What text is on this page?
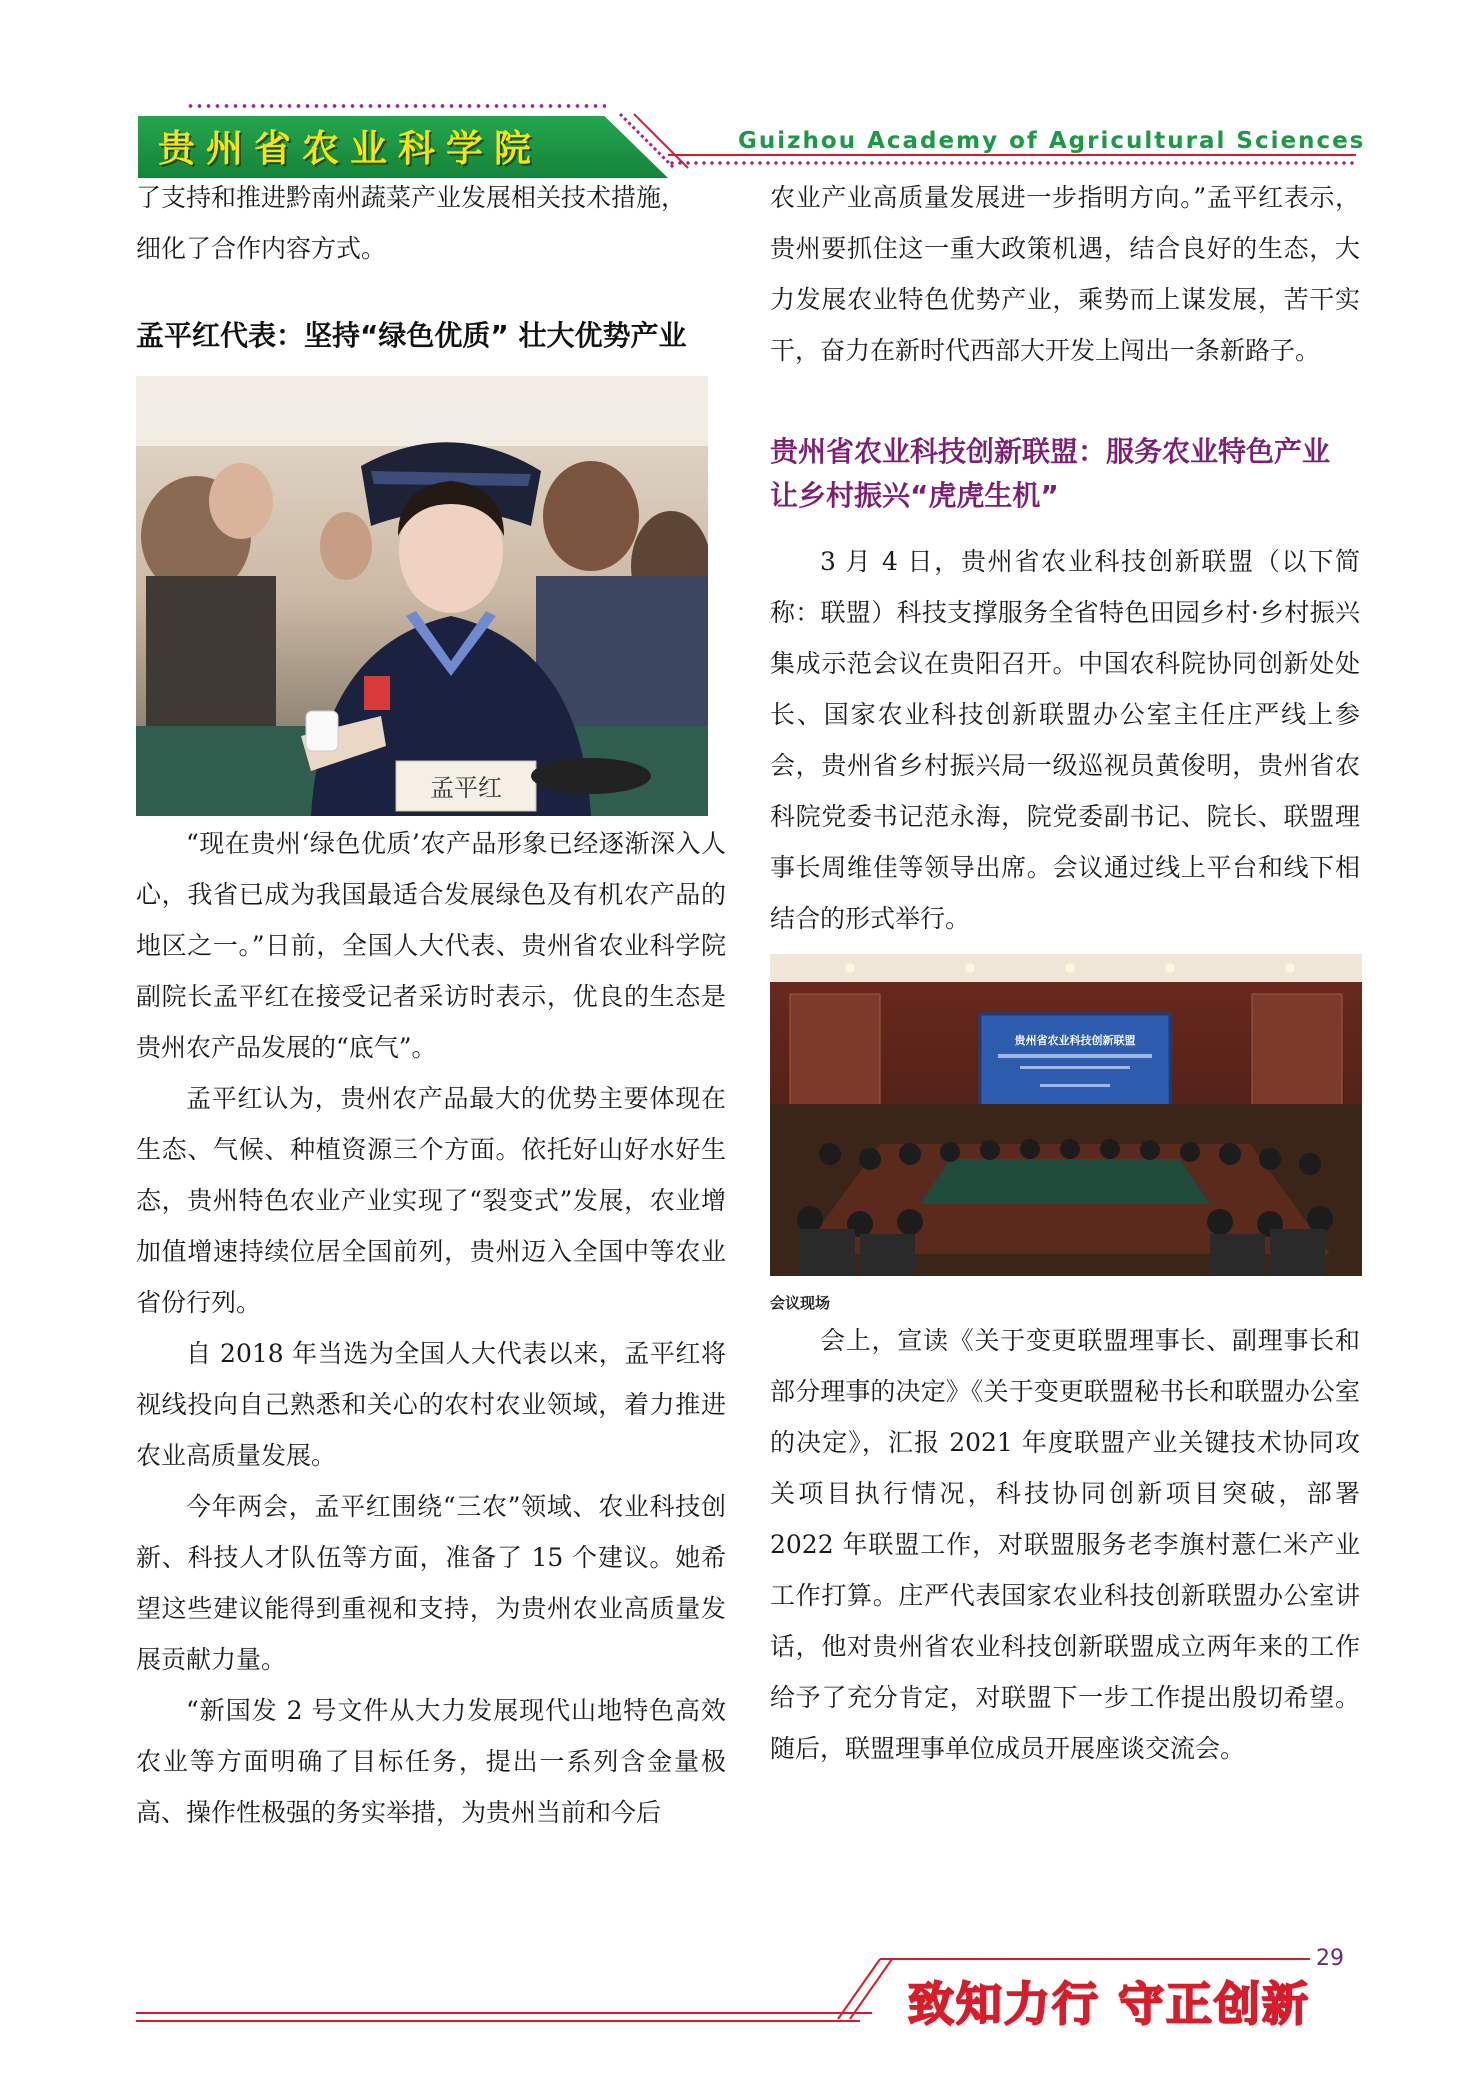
贵州省农业科学院	Guizhou Academy of Agricultural Sciences
了支持和推进黔南州蔬菜产业发展相关技术措施，
细化了合作内容方式。
孟平红代表：坚持“绿色优质” 壮大优势产业
孟平红
“现在贵州‘绿色优质’农产品形象已经逐渐深入人心，我省已成为我国最适合发展绿色及有机农产品的地区之一。”日前，全国人大代表、贵州省农业科学院副院长孟平红在接受记者采访时表示，优良的生态是贵州农产品发展的“底气”。
孟平红认为，贵州农产品最大的优势主要体现在生态、气候、种植资源三个方面。依托好山好水好生态，贵州特色农业产业实现了“裂变式”发展，农业增加值增速持续位居全国前列，贵州迈入全国中等农业省份行列。
自 2018 年当选为全国人大代表以来，孟平红将视线投向自己熟悉和关心的农村农业领域，着力推进农业高质量发展。
今年两会，孟平红围绕“三农”领域、农业科技创新、科技人才队伍等方面，准备了 15 个建议。她希望这些建议能得到重视和支持，为贵州农业高质量发展贡献力量。
“新国发 2 号文件从大力发展现代山地特色高效农业等方面明确了目标任务，提出一系列含金量极高、操作性极强的务实举措，为贵州当前和今后
农业产业高质量发展进一步指明方向。”孟平红表示，贵州要抓住这一重大政策机遇，结合良好的生态，大力发展农业特色优势产业，乘势而上谋发展，苦干实干，奋力在新时代西部大开发上闯出一条新路子。
贵州省农业科技创新联盟：服务农业特色产业 让乡村振兴“虎虎生机”
3 月 4 日，贵州省农业科技创新联盟（以下简称：联盟）科技支撑服务全省特色田园乡村·乡村振兴集成示范会议在贵阳召开。中国农科院协同创新处处长、国家农业科技创新联盟办公室主任庄严线上参会，贵州省乡村振兴局一级巡视员黄俊明，贵州省农科院党委书记范永海，院党委副书记、院长、联盟理事长周维佳等领导出席。会议通过线上平台和线下相结合的形式举行。
贵州省农业科技创新联盟
会议现场
会上，宣读《关于变更联盟理事长、副理事长和部分理事的决定》《关于变更联盟秘书长和联盟办公室的决定》，汇报 2021 年度联盟产业关键技术协同攻关项目执行情况，科技协同创新项目突破，部署 2022 年联盟工作，对联盟服务老李旗村薏仁米产业工作打算。庄严代表国家农业科技创新联盟办公室讲话，他对贵州省农业科技创新联盟成立两年来的工作给予了充分肯定，对联盟下一步工作提出殷切希望。随后，联盟理事单位成员开展座谈交流会。
29
致知力行 守正创新
